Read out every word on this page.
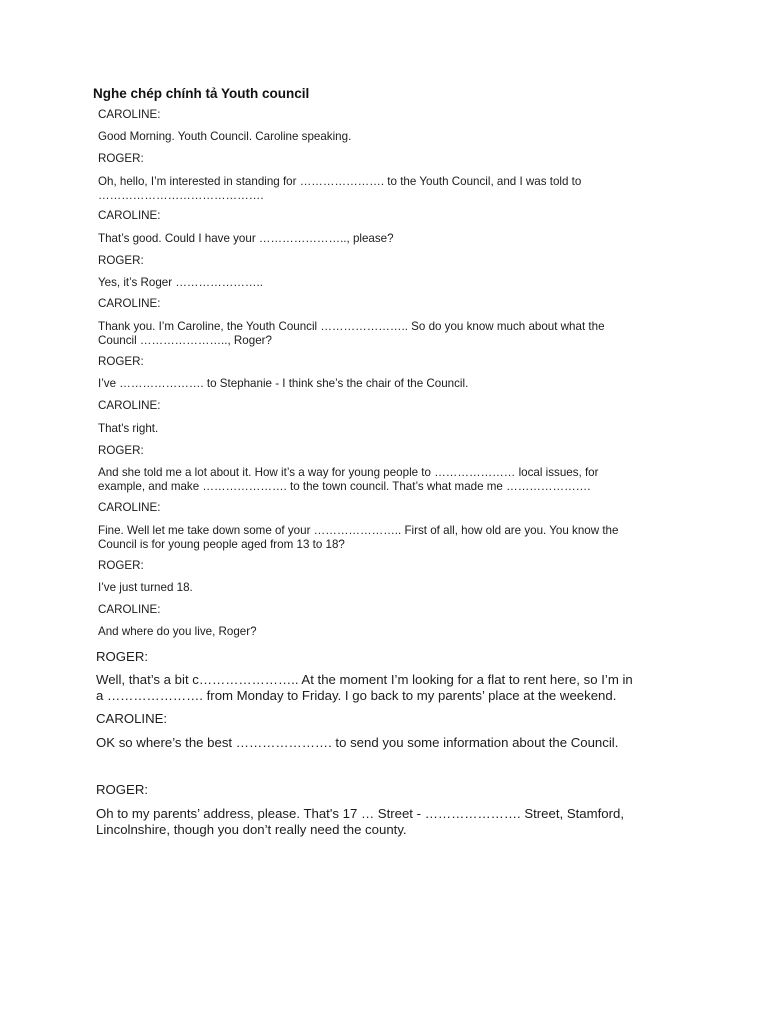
Nghe chép chính tả Youth council
CAROLINE:
Good Morning. Youth Council. Caroline speaking.
ROGER:
Oh, hello, I’m interested in standing for …………………. to the Youth Council, and I was told to
…………………………………….
CAROLINE:
That’s good. Could I have your ………………….., please?
ROGER:
Yes, it’s Roger …………………..
CAROLINE:
Thank you. I’m Caroline, the Youth Council ………………….. So do you know much about what the
Council ………………….., Roger?
ROGER:
I’ve …………………. to Stephanie - I think she’s the chair of the Council.
CAROLINE:
That's right.
ROGER:
And she told me a lot about it. How it’s a way for young people to ………………… local issues, for
example, and make …………………. to the town council. That’s what made me ………………….
CAROLINE:
Fine. Well let me take down some of your ………………….. First of all, how old are you. You know the
Council is for young people aged from 13 to 18?
ROGER:
I’ve just turned 18.
CAROLINE:
And where do you live, Roger?
ROGER:
Well, that’s a bit c………………….. At the moment I’m looking for a flat to rent here, so I’m in
a …………………. from Monday to Friday. I go back to my parents’ place at the weekend.
CAROLINE:
OK so where’s the best …………………. to send you some information about the Council.
ROGER:
Oh to my parents’ address, please. That's 17 … Street - …………………. Street, Stamford,
Lincolnshire, though you don’t really need the county.
